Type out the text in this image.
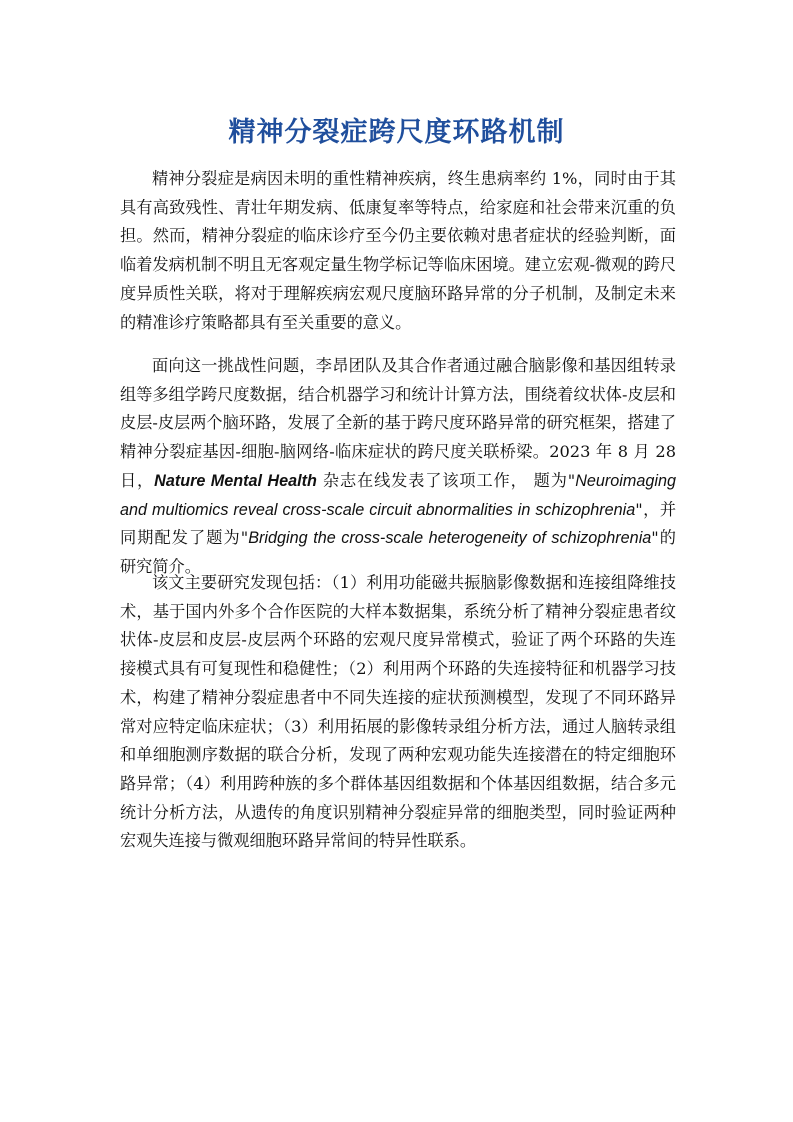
精神分裂症跨尺度环路机制

精神分裂症是病因未明的重性精神疾病，终生患病率约 1%，同时由于其具有高致残性、青壮年期发病、低康复率等特点，给家庭和社会带来沉重的负担。然而，精神分裂症的临床诊疗至今仍主要依赖对患者症状的经验判断，面临着发病机制不明且无客观定量生物学标记等临床困境。建立宏观-微观的跨尺度异质性关联，将对于理解疾病宏观尺度脑环路异常的分子机制，及制定未来的精准诊疗策略都具有至关重要的意义。

面向这一挑战性问题，李昂团队及其合作者通过融合脑影像和基因组转录组等多组学跨尺度数据，结合机器学习和统计计算方法，围绕着纹状体-皮层和皮层-皮层两个脑环路，发展了全新的基于跨尺度环路异常的研究框架，搭建了精神分裂症基因-细胞-脑网络-临床症状的跨尺度关联桥梁。2023 年 8 月 28 日，Nature Mental Health 杂志在线发表了该项工作， 题为"Neuroimaging and multiomics reveal cross-scale circuit abnormalities in schizophrenia"，并同期配发了题为"Bridging the cross-scale heterogeneity of schizophrenia"的研究简介。

该文主要研究发现包括：（1）利用功能磁共振脑影像数据和连接组降维技术，基于国内外多个合作医院的大样本数据集，系统分析了精神分裂症患者纹状体-皮层和皮层-皮层两个环路的宏观尺度异常模式，验证了两个环路的失连接模式具有可复现性和稳健性；（2）利用两个环路的失连接特征和机器学习技术，构建了精神分裂症患者中不同失连接的症状预测模型，发现了不同环路异常对应特定临床症状；（3）利用拓展的影像转录组分析方法，通过人脑转录组和单细胞测序数据的联合分析，发现了两种宏观功能失连接潜在的特定细胞环路异常；（4）利用跨种族的多个群体基因组数据和个体基因组数据，结合多元统计分析方法，从遗传的角度识别精神分裂症异常的细胞类型，同时验证两种宏观失连接与微观细胞环路异常间的特异性联系。
